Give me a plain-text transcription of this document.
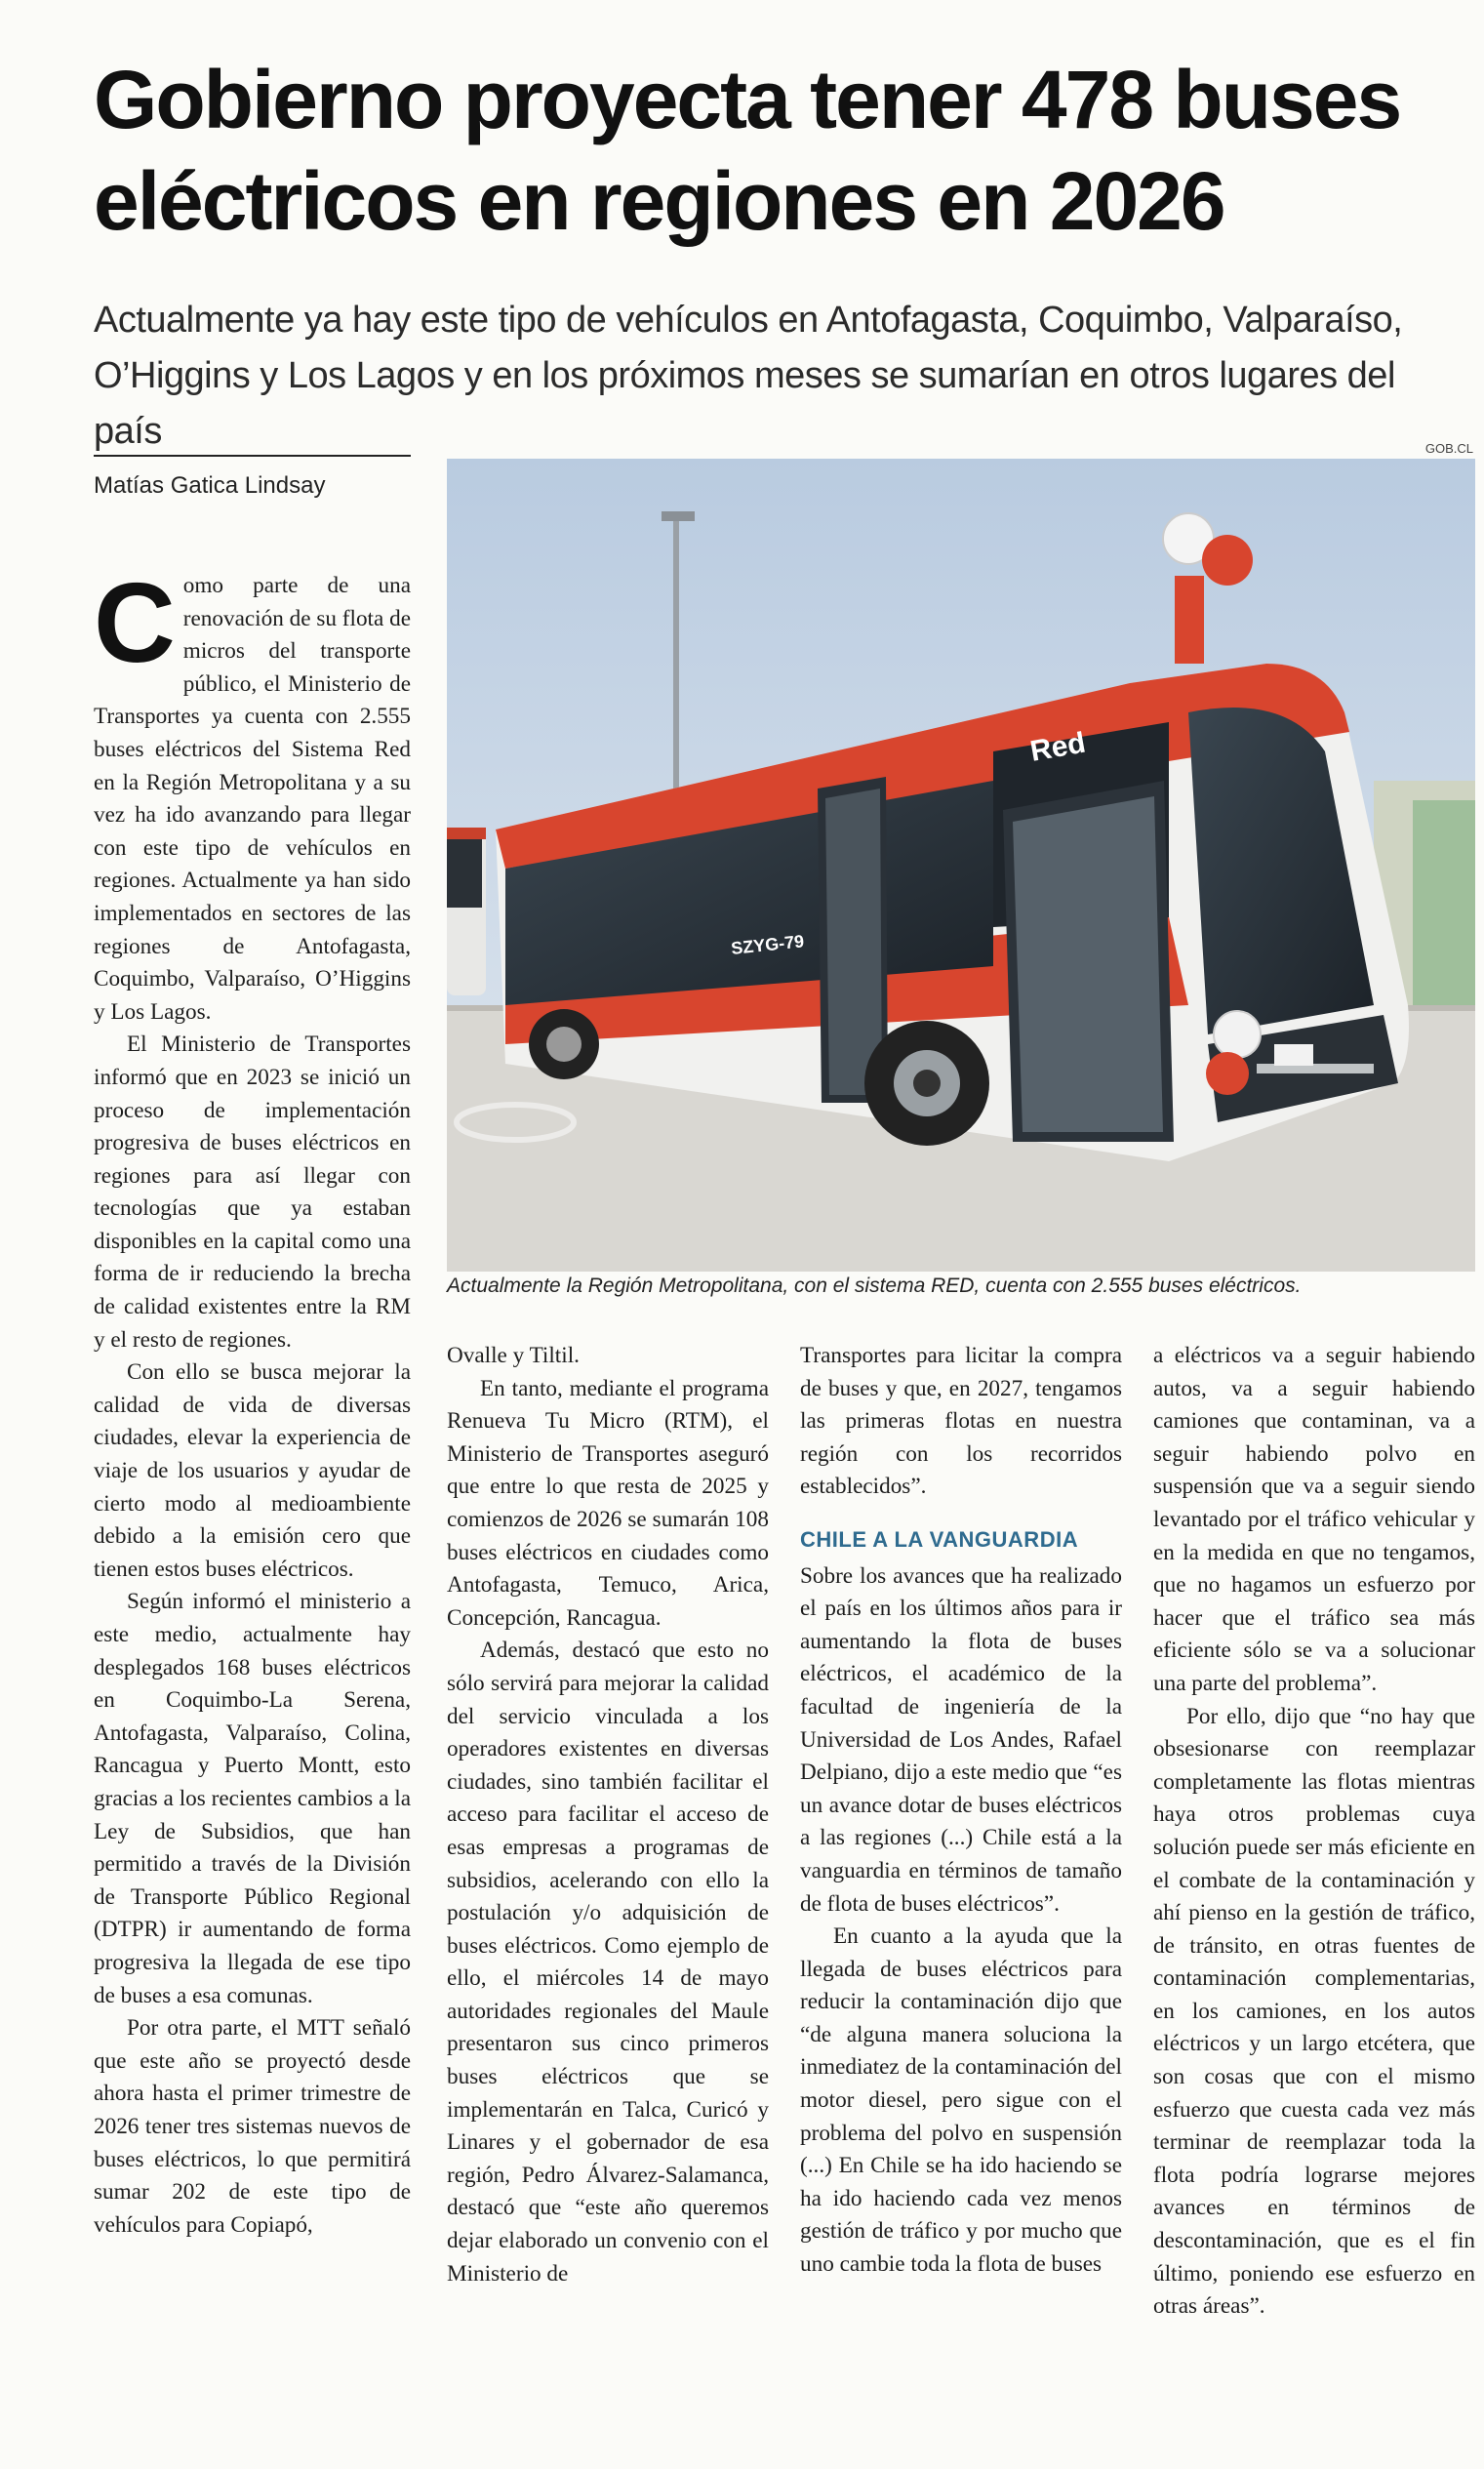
Gobierno proyecta tener 478 buses eléctricos en regiones en 2026

Actualmente ya hay este tipo de vehículos en Antofagasta, Coquimbo, Valparaíso, O’Higgins y Los Lagos y en los próximos meses se sumarían en otros lugares del país

Matías Gatica Lindsay
GOB.CL
Red
SZYG-79
Actualmente la Región Metropolitana, con el sistema RED, cuenta con 2.555 buses eléctricos.

Como parte de una renovación de su flota de micros del transporte público, el Ministerio de Transportes ya cuenta con 2.555 buses eléctricos del Sistema Red en la Región Metropolitana y a su vez ha ido avanzando para llegar con este tipo de vehículos en regiones. Actualmente ya han sido implementados en sectores de las regiones de Antofagasta, Coquimbo, Valparaíso, O’Higgins y Los Lagos.

El Ministerio de Transportes informó que en 2023 se inició un proceso de implementación progresiva de buses eléctricos en regiones para así llegar con tecnologías que ya estaban disponibles en la capital como una forma de ir reduciendo la brecha de calidad existentes entre la RM y el resto de regiones.

Con ello se busca mejorar la calidad de vida de diversas ciudades, elevar la experiencia de viaje de los usuarios y ayudar de cierto modo al medioambiente debido a la emisión cero que tienen estos buses eléctricos.

Según informó el ministerio a este medio, actualmente hay desplegados 168 buses eléctricos en Coquimbo-La Serena, Antofagasta, Valparaíso, Colina, Rancagua y Puerto Montt, esto gracias a los recientes cambios a la Ley de Subsidios, que han permitido a través de la División de Transporte Público Regional (DTPR) ir aumentando de forma progresiva la llegada de ese tipo de buses a esa comunas.

Por otra parte, el MTT señaló que este año se proyectó desde ahora hasta el primer trimestre de 2026 tener tres sistemas nuevos de buses eléctricos, lo que permitirá sumar 202 de este tipo de vehículos para Copiapó,

Ovalle y Tiltil.

En tanto, mediante el programa Renueva Tu Micro (RTM), el Ministerio de Transportes aseguró que entre lo que resta de 2025 y comienzos de 2026 se sumarán 108 buses eléctricos en ciudades como Antofagasta, Temuco, Arica, Concepción, Rancagua.

Además, destacó que esto no sólo servirá para mejorar la calidad del servicio vinculada a los operadores existentes en diversas ciudades, sino también facilitar el acceso para facilitar el acceso de esas empresas a programas de subsidios, acelerando con ello la postulación y/o adquisición de buses eléctricos. Como ejemplo de ello, el miércoles 14 de mayo autoridades regionales del Maule presentaron sus cinco primeros buses eléctricos que se implementarán en Talca, Curicó y Linares y el gobernador de esa región, Pedro Álvarez-Salamanca, destacó que “este año queremos dejar elaborado un convenio con el Ministerio de

Transportes para licitar la compra de buses y que, en 2027, tengamos las primeras flotas en nuestra región con los recorridos establecidos”.

CHILE A LA VANGUARDIA

Sobre los avances que ha realizado el país en los últimos años para ir aumentando la flota de buses eléctricos, el académico de la facultad de ingeniería de la Universidad de Los Andes, Rafael Delpiano, dijo a este medio que “es un avance dotar de buses eléctricos a las regiones (...) Chile está a la vanguardia en términos de tamaño de flota de buses eléctricos”.

En cuanto a la ayuda que la llegada de buses eléctricos para reducir la contaminación dijo que “de alguna manera soluciona la inmediatez de la contaminación del motor diesel, pero sigue con el problema del polvo en suspensión (...) En Chile se ha ido haciendo se ha ido haciendo cada vez menos gestión de tráfico y por mucho que uno cambie toda la flota de buses

a eléctricos va a seguir habiendo autos, va a seguir habiendo camiones que contaminan, va a seguir habiendo polvo en suspensión que va a seguir siendo levantado por el tráfico vehicular y en la medida en que no tengamos, que no hagamos un esfuerzo por hacer que el tráfico sea más eficiente sólo se va a solucionar una parte del problema”.

Por ello, dijo que “no hay que obsesionarse con reemplazar completamente las flotas mientras haya otros problemas cuya solución puede ser más eficiente en el combate de la contaminación y ahí pienso en la gestión de tráfico, de tránsito, en otras fuentes de contaminación complementarias, en los camiones, en los autos eléctricos y un largo etcétera, que son cosas que con el mismo esfuerzo que cuesta cada vez más terminar de reemplazar toda la flota podría lograrse mejores avances en términos de descontaminación, que es el fin último, poniendo ese esfuerzo en otras áreas”.
